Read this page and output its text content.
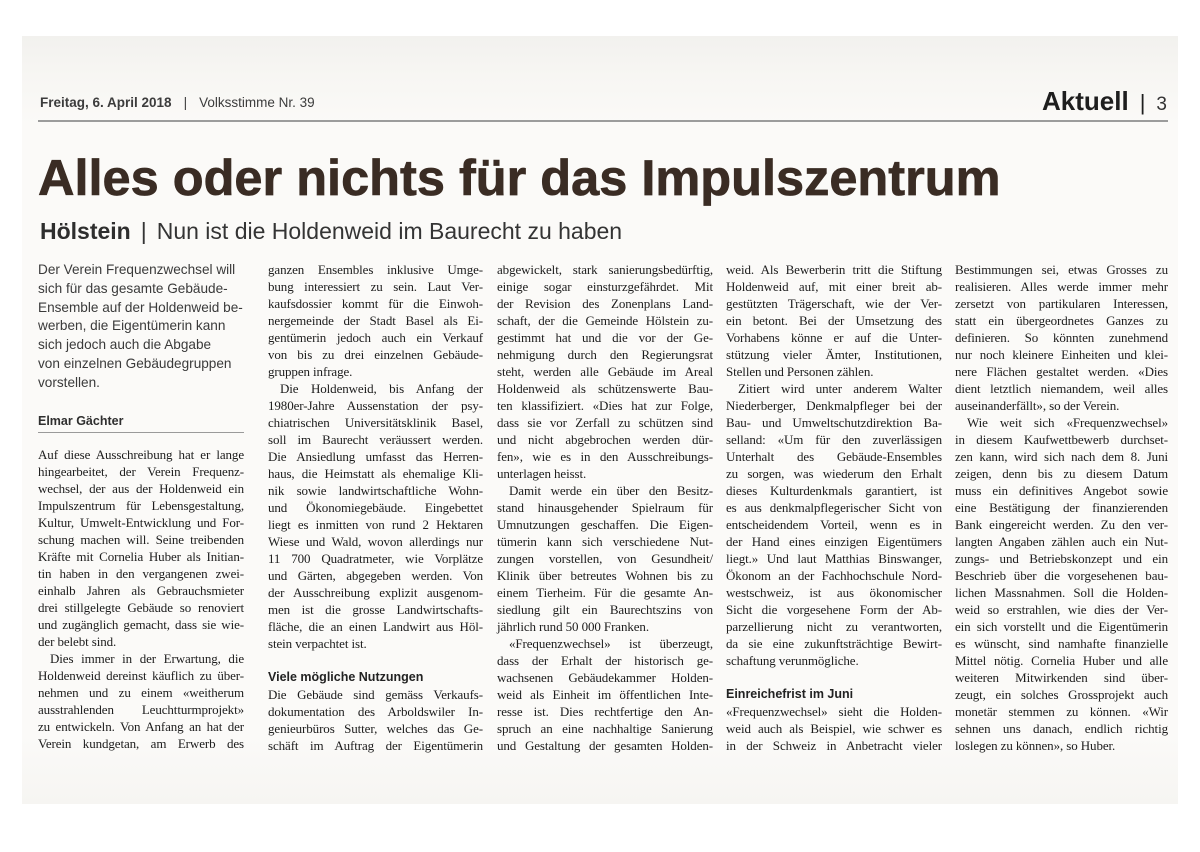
Freitag, 6. April 2018 | Volksstimme Nr. 39	Aktuell | 3
Alles oder nichts für das Impulszentrum
Hölstein | Nun ist die Holdenweid im Baurecht zu haben
Der Verein Frequenzwechsel will
sich für das gesamte Gebäude-
Ensemble auf der Holdenweid be-
werben, die Eigentümerin kann
sich jedoch auch die Abgabe
von einzelnen Gebäudegruppen
vorstellen.
Elmar Gächter
Auf diese Ausschreibung hat er lange
hingearbeitet, der Verein Frequenz-
wechsel, der aus der Holdenweid ein
Impulszentrum für Lebensgestaltung,
Kultur, Umwelt-Entwicklung und For-
schung machen will. Seine treibenden
Kräfte mit Cornelia Huber als Initian-
tin haben in den vergangenen zwei-
einhalb Jahren als Gebrauchsmieter
drei stillgelegte Gebäude so renoviert
und zugänglich gemacht, dass sie wie-
der belebt sind.
Dies immer in der Erwartung, die
Holdenweid dereinst käuflich zu über-
nehmen und zu einem «weitherum
ausstrahlenden Leuchtturmprojekt»
zu entwickeln. Von Anfang an hat der
Verein kundgetan, am Erwerb des
ganzen Ensembles inklusive Umge-
bung interessiert zu sein. Laut Ver-
kaufsdossier kommt für die Einwoh-
nergemeinde der Stadt Basel als Ei-
gentümerin jedoch auch ein Verkauf
von bis zu drei einzelnen Gebäude-
gruppen infrage.
Die Holdenweid, bis Anfang der
1980er-Jahre Aussenstation der psy-
chiatrischen Universitätsklinik Basel,
soll im Baurecht veräussert werden.
Die Ansiedlung umfasst das Herren-
haus, die Heimstatt als ehemalige Kli-
nik sowie landwirtschaftliche Wohn-
und Ökonomiegebäude. Eingebettet
liegt es inmitten von rund 2 Hektaren
Wiese und Wald, wovon allerdings nur
11 700 Quadratmeter, wie Vorplätze
und Gärten, abgegeben werden. Von
der Ausschreibung explizit ausgenom-
men ist die grosse Landwirtschafts-
fläche, die an einen Landwirt aus Höl-
stein verpachtet ist.
Viele mögliche Nutzungen
Die Gebäude sind gemäss Verkaufs-
dokumentation des Arboldswiler In-
genieurbüros Sutter, welches das Ge-
schäft im Auftrag der Eigentümerin
abgewickelt, stark sanierungsbedürftig,
einige sogar einsturzgefährdet. Mit
der Revision des Zonenplans Land-
schaft, der die Gemeinde Hölstein zu-
gestimmt hat und die vor der Ge-
nehmigung durch den Regierungsrat
steht, werden alle Gebäude im Areal
Holdenweid als schützenswerte Bau-
ten klassifiziert. «Dies hat zur Folge,
dass sie vor Zerfall zu schützen sind
und nicht abgebrochen werden dür-
fen», wie es in den Ausschreibungs-
unterlagen heisst.
Damit werde ein über den Besitz-
stand hinausgehender Spielraum für
Umnutzungen geschaffen. Die Eigen-
tümerin kann sich verschiedene Nut-
zungen vorstellen, von Gesundheit/
Klinik über betreutes Wohnen bis zu
einem Tierheim. Für die gesamte An-
siedlung gilt ein Baurechtszins von
jährlich rund 50 000 Franken.
«Frequenzwechsel» ist überzeugt,
dass der Erhalt der historisch ge-
wachsenen Gebäudekammer Holden-
weid als Einheit im öffentlichen Inte-
resse ist. Dies rechtfertige den An-
spruch an eine nachhaltige Sanierung
und Gestaltung der gesamten Holden-
weid. Als Bewerberin tritt die Stiftung
Holdenweid auf, mit einer breit ab-
gestützten Trägerschaft, wie der Ver-
ein betont. Bei der Umsetzung des
Vorhabens könne er auf die Unter-
stützung vieler Ämter, Institutionen,
Stellen und Personen zählen.
Zitiert wird unter anderem Walter
Niederberger, Denkmalpfleger bei der
Bau- und Umweltschutzdirektion Ba-
selland: «Um für den zuverlässigen
Unterhalt des Gebäude-Ensembles
zu sorgen, was wiederum den Erhalt
dieses Kulturdenkmals garantiert, ist
es aus denkmalpflegerischer Sicht von
entscheidendem Vorteil, wenn es in
der Hand eines einzigen Eigentümers
liegt.» Und laut Matthias Binswanger,
Ökonom an der Fachhochschule Nord-
westschweiz, ist aus ökonomischer
Sicht die vorgesehene Form der Ab-
parzellierung nicht zu verantworten,
da sie eine zukunftsträchtige Bewirt-
schaftung verunmögliche.
Einreichefrist im Juni
«Frequenzwechsel» sieht die Holden-
weid auch als Beispiel, wie schwer es
in der Schweiz in Anbetracht vieler
Bestimmungen sei, etwas Grosses zu
realisieren. Alles werde immer mehr
zersetzt von partikularen Interessen,
statt ein übergeordnetes Ganzes zu
definieren. So könnten zunehmend
nur noch kleinere Einheiten und klei-
nere Flächen gestaltet werden. «Dies
dient letztlich niemandem, weil alles
auseinanderfällt», so der Verein.
Wie weit sich «Frequenzwechsel»
in diesem Kaufwettbewerb durchset-
zen kann, wird sich nach dem 8. Juni
zeigen, denn bis zu diesem Datum
muss ein definitives Angebot sowie
eine Bestätigung der finanzierenden
Bank eingereicht werden. Zu den ver-
langten Angaben zählen auch ein Nut-
zungs- und Betriebskonzept und ein
Beschrieb über die vorgesehenen bau-
lichen Massnahmen. Soll die Holden-
weid so erstrahlen, wie dies der Ver-
ein sich vorstellt und die Eigentümerin
es wünscht, sind namhafte finanzielle
Mittel nötig. Cornelia Huber und alle
weiteren Mitwirkenden sind über-
zeugt, ein solches Grossprojekt auch
monetär stemmen zu können. «Wir
sehnen uns danach, endlich richtig
loslegen zu können», so Huber.
